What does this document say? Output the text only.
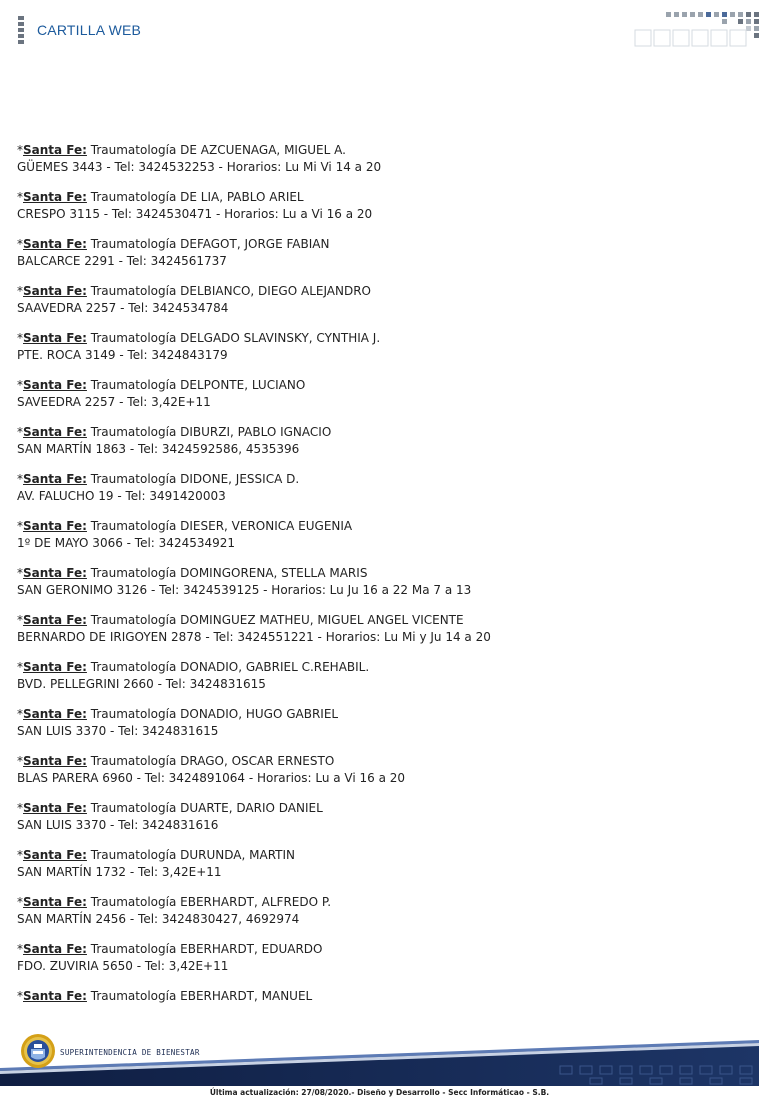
CARTILLA WEB
*Santa Fe: Traumatología DE AZCUENAGA, MIGUEL A.
GÜEMES 3443 - Tel: 3424532253 - Horarios: Lu Mi Vi 14 a 20
*Santa Fe: Traumatología DE LIA, PABLO ARIEL
CRESPO 3115 - Tel: 3424530471 - Horarios: Lu a Vi 16 a 20
*Santa Fe: Traumatología DEFAGOT, JORGE FABIAN
BALCARCE 2291 - Tel: 3424561737
*Santa Fe: Traumatología DELBIANCO, DIEGO ALEJANDRO
SAAVEDRA 2257 - Tel: 3424534784
*Santa Fe: Traumatología DELGADO SLAVINSKY, CYNTHIA J.
PTE. ROCA 3149 - Tel: 3424843179
*Santa Fe: Traumatología DELPONTE, LUCIANO
SAVEEDRA 2257 - Tel: 3,42E+11
*Santa Fe: Traumatología DIBURZI, PABLO IGNACIO
SAN MARTÍN 1863 - Tel: 3424592586, 4535396
*Santa Fe: Traumatología DIDONE, JESSICA D.
AV. FALUCHO 19 - Tel: 3491420003
*Santa Fe: Traumatología DIESER, VERONICA EUGENIA
1º DE MAYO 3066 - Tel: 3424534921
*Santa Fe: Traumatología DOMINGORENA, STELLA MARIS
SAN GERONIMO 3126 - Tel: 3424539125 - Horarios: Lu Ju 16 a 22 Ma 7 a 13
*Santa Fe: Traumatología DOMINGUEZ MATHEU, MIGUEL ANGEL VICENTE
BERNARDO DE IRIGOYEN 2878 - Tel: 3424551221 - Horarios: Lu Mi y Ju 14 a 20
*Santa Fe: Traumatología DONADIO, GABRIEL C.REHABIL.
BVD. PELLEGRINI 2660 - Tel: 3424831615
*Santa Fe: Traumatología DONADIO, HUGO GABRIEL
SAN LUIS 3370 - Tel: 3424831615
*Santa Fe: Traumatología DRAGO, OSCAR ERNESTO
BLAS PARERA 6960 - Tel: 3424891064 - Horarios: Lu a Vi 16 a 20
*Santa Fe: Traumatología DUARTE, DARIO DANIEL
SAN LUIS 3370 - Tel: 3424831616
*Santa Fe: Traumatología DURUNDA, MARTIN
SAN MARTÍN 1732 - Tel: 3,42E+11
*Santa Fe: Traumatología EBERHARDT, ALFREDO P.
SAN MARTÍN 2456 - Tel: 3424830427, 4692974
*Santa Fe: Traumatología EBERHARDT, EDUARDO
FDO. ZUVIRIA 5650 - Tel: 3,42E+11
*Santa Fe: Traumatología EBERHARDT, MANUEL
SUPERINTENDENCIA DE BIENESTAR
Última actualización: 27/08/2020.- Diseño y Desarrollo - Secc Informáticao - S.B.
